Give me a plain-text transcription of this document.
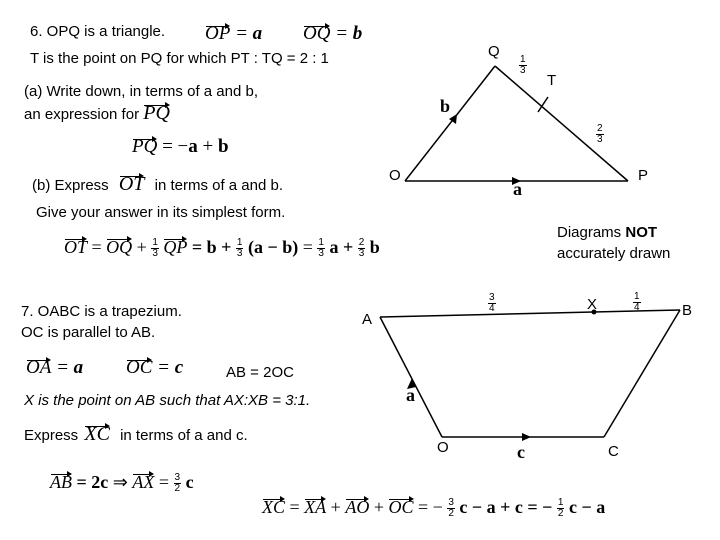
6. OPQ is a triangle. OP = a OQ = b
T is the point on PQ for which PT : TQ = 2 : 1
(a) Write down, in terms of a and b,
an expression for PQ
PQ = −a + b
(b) Express OT in terms of a and b.
Give your answer in its simplest form.
OT = OQ + $\frac{1}{3}$ QP = $b + \frac{1}{3} (a - b) = \frac{1}{3}$ $a + \frac{2}{3}$ b
Q
T
O	P
b
a
1
3
2
3
Diagrams NOT
accurately drawn
7. OABC is a trapezium.
OC is parallel to AB.
OA = a OC = c	AB = 2OC
X is the point on AB such that AX:XB = 3:1.
Express XC in terms of a and c.
AB = 2c ⇒ AX = $\frac{3}{2}$ c
XC = XA + AO + OC = − $\frac{3}{2}$ c − a + c = − $\frac{1}{2}$ c − a
A
X	B
O	C
a
c
3
4
1
4
